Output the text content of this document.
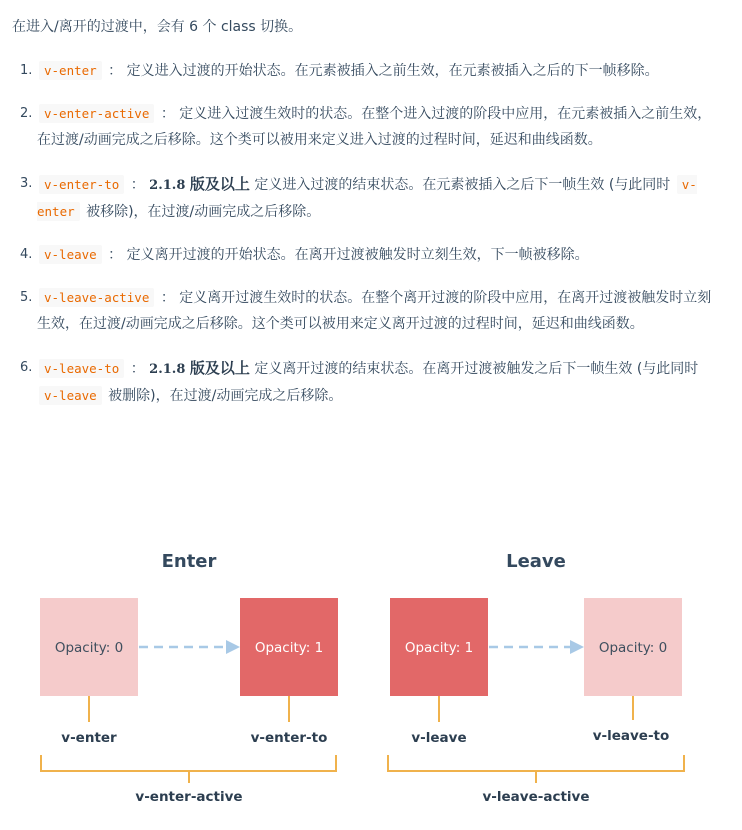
在进入/离开的过渡中，会有 6 个 class 切换。
1. v-enter ： 定义进入过渡的开始状态。在元素被插入之前生效，在元素被插入之后的下一帧移除。
2. v-enter-active ： 定义进入过渡生效时的状态。在整个进入过渡的阶段中应用，在元素被插入之前生效，在过渡/动画完成之后移除。这个类可以被用来定义进入过渡的过程时间，延迟和曲线函数。
3. v-enter-to ： 2.1.8 版及以上 定义进入过渡的结束状态。在元素被插入之后下一帧生效 (与此同时 v-enter 被移除)，在过渡/动画完成之后移除。
4. v-leave ： 定义离开过渡的开始状态。在离开过渡被触发时立刻生效，下一帧被移除。
5. v-leave-active ： 定义离开过渡生效时的状态。在整个离开过渡的阶段中应用，在离开过渡被触发时立刻生效，在过渡/动画完成之后移除。这个类可以被用来定义离开过渡的过程时间，延迟和曲线函数。
6. v-leave-to ： 2.1.8 版及以上 定义离开过渡的结束状态。在离开过渡被触发之后下一帧生效 (与此同时 v-leave 被删除)，在过渡/动画完成之后移除。
Enter	Leave
Opacity: 0	Opacity: 1	Opacity: 1	Opacity: 0
v-enter	v-enter-to	v-leave	v-leave-to
v-enter-active	v-leave-active
